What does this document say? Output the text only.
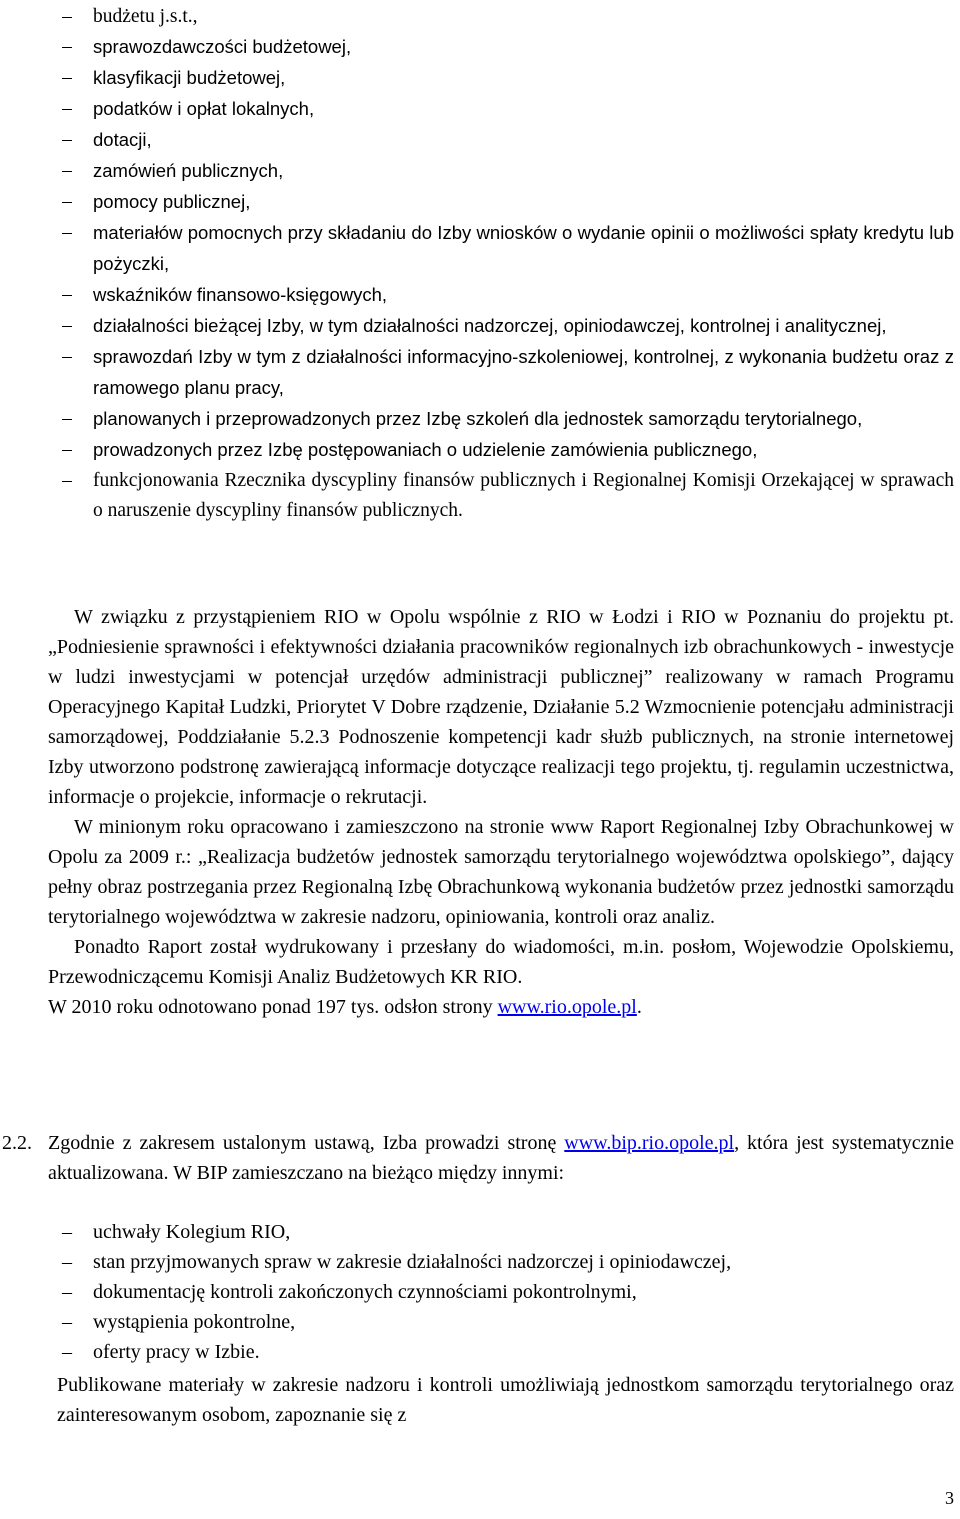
–	budżetu j.s.t.,
–	sprawozdawczości budżetowej,
–	klasyfikacji budżetowej,
–	podatków i opłat lokalnych,
–	dotacji,
–	zamówień publicznych,
–	pomocy publicznej,
–	materiałów pomocnych przy składaniu do Izby wniosków o wydanie opinii o możliwości spłaty kredytu lub pożyczki,
–	wskaźników finansowo-księgowych,
–	działalności bieżącej Izby, w tym działalności nadzorczej, opiniodawczej, kontrolnej i analitycznej,
–	sprawozdań Izby w tym z działalności informacyjno-szkoleniowej, kontrolnej, z wykonania budżetu oraz z ramowego planu pracy,
–	planowanych i przeprowadzonych przez Izbę szkoleń dla jednostek samorządu terytorialnego,
–	prowadzonych przez Izbę postępowaniach o udzielenie zamówienia publicznego,
–	funkcjonowania Rzecznika dyscypliny finansów publicznych i Regionalnej Komisji Orzekającej w sprawach o naruszenie dyscypliny finansów publicznych.

W związku z przystąpieniem RIO w Opolu wspólnie z RIO w Łodzi i RIO w Poznaniu do projektu pt. „Podniesienie sprawności i efektywności działania pracowników regionalnych izb obrachunkowych - inwestycje w ludzi inwestycjami w potencjał urzędów administracji publicznej” realizowany w ramach Programu Operacyjnego Kapitał Ludzki, Priorytet V Dobre rządzenie, Działanie 5.2 Wzmocnienie potencjału administracji samorządowej, Poddziałanie 5.2.3 Podnoszenie kompetencji kadr służb publicznych, na stronie internetowej Izby utworzono podstronę zawierającą informacje dotyczące realizacji tego projektu, tj. regulamin uczestnictwa, informacje o projekcie, informacje o rekrutacji.

W minionym roku opracowano i zamieszczono na stronie www Raport Regionalnej Izby Obrachunkowej w Opolu za 2009 r.: „Realizacja budżetów jednostek samorządu terytorialnego województwa opolskiego”, dający pełny obraz postrzegania przez Regionalną Izbę Obrachunkową wykonania budżetów przez jednostki samorządu terytorialnego województwa w zakresie nadzoru, opiniowania, kontroli oraz analiz.

Ponadto Raport został wydrukowany i przesłany do wiadomości, m.in. posłom, Wojewodzie Opolskiemu, Przewodniczącemu Komisji Analiz Budżetowych KR RIO.

W 2010 roku odnotowano ponad 197 tys. odsłon strony www.rio.opole.pl.

2.2. Zgodnie z zakresem ustalonym ustawą, Izba prowadzi stronę www.bip.rio.opole.pl, która jest systematycznie aktualizowana. W BIP zamieszczano na bieżąco między innymi:

–	uchwały Kolegium RIO,
–	stan przyjmowanych spraw w zakresie działalności nadzorczej i opiniodawczej,
–	dokumentację kontroli zakończonych czynnościami pokontrolnymi,
–	wystąpienia pokontrolne,
–	oferty pracy w Izbie.

Publikowane materiały w zakresie nadzoru i kontroli umożliwiają jednostkom samorządu terytorialnego oraz zainteresowanym osobom, zapoznanie się z

3
